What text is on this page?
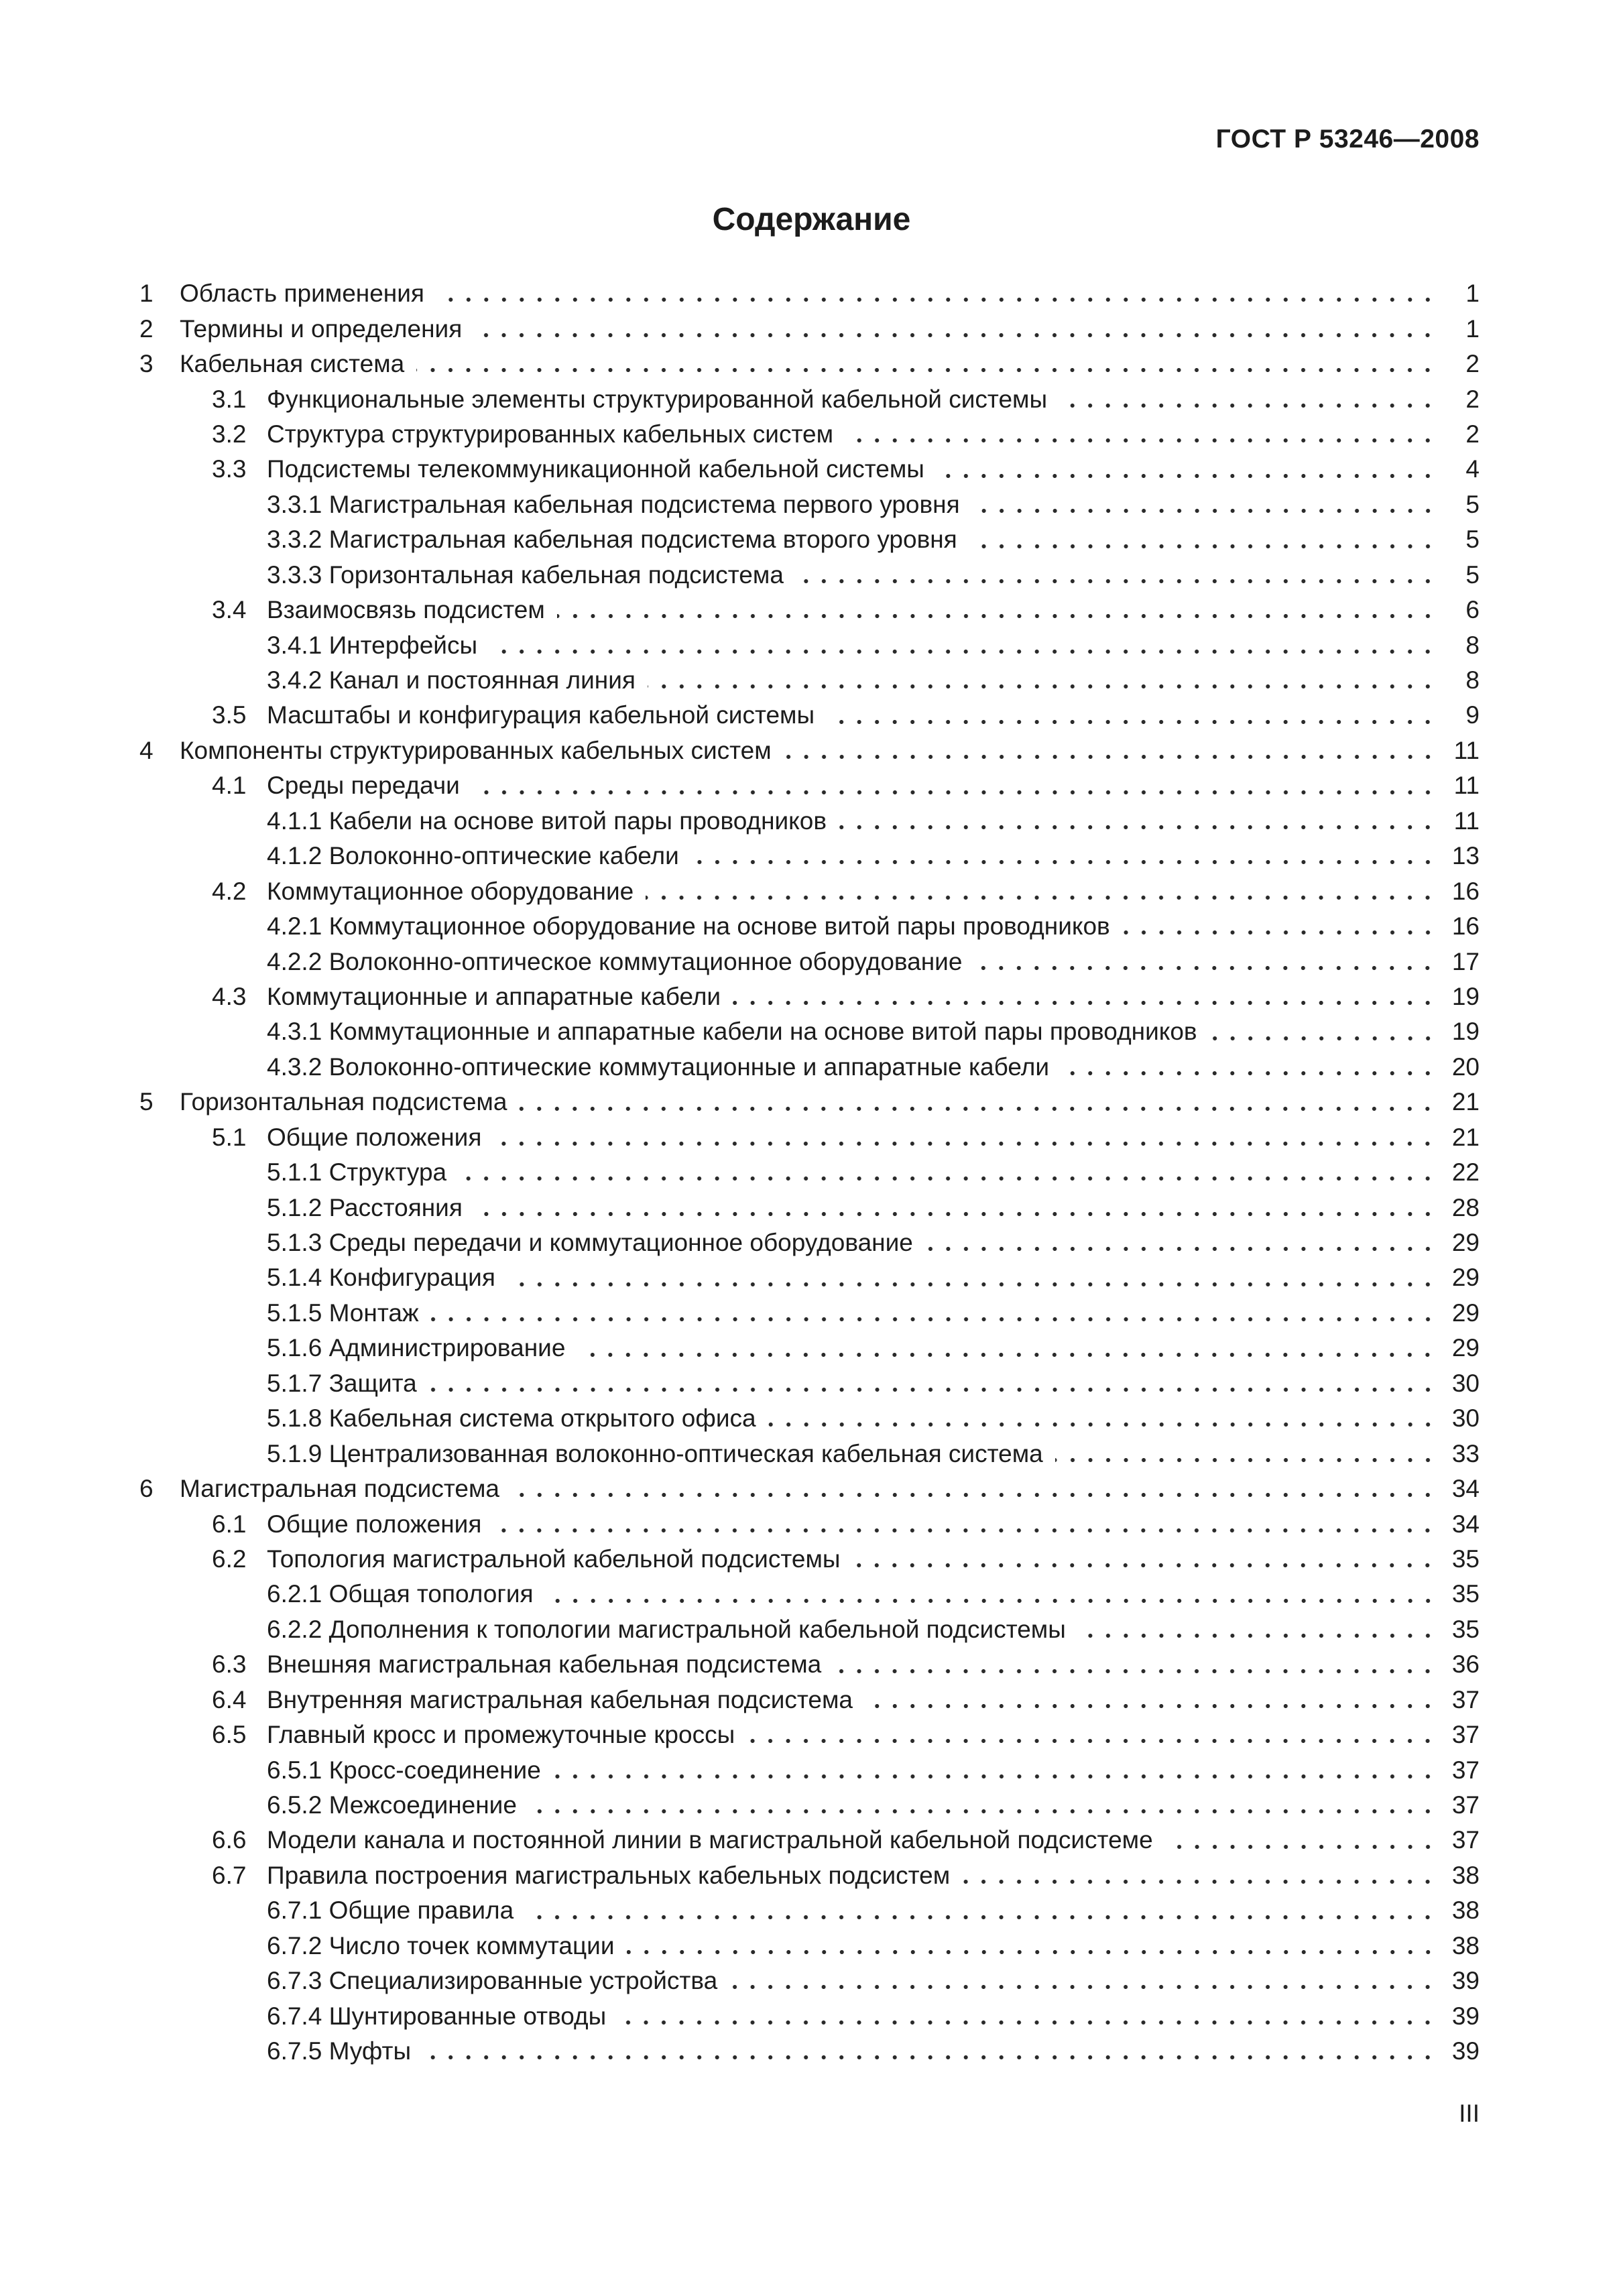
ГОСТ Р 53246—2008
Содержание
1	Область применения	1
2	Термины и определения	1
3	Кабельная система	2
3.1 Функциональные элементы структурированной кабельной системы	2
3.2 Структура структурированных кабельных систем	2
3.3 Подсистемы телекоммуникационной кабельной системы	4
3.3.1 Магистральная кабельная подсистема первого уровня	5
3.3.2 Магистральная кабельная подсистема второго уровня	5
3.3.3 Горизонтальная кабельная подсистема	5
3.4 Взаимосвязь подсистем	6
3.4.1 Интерфейсы	8
3.4.2 Канал и постоянная линия	8
3.5 Масштабы и конфигурация кабельной системы	9
4	Компоненты структурированных кабельных систем	11
4.1 Среды передачи	11
4.1.1 Кабели на основе витой пары проводников	11
4.1.2 Волоконно-оптические кабели	13
4.2 Коммутационное оборудование	16
4.2.1 Коммутационное оборудование на основе витой пары проводников	16
4.2.2 Волоконно-оптическое коммутационное оборудование	17
4.3 Коммутационные и аппаратные кабели	19
4.3.1 Коммутационные и аппаратные кабели на основе витой пары проводников	19
4.3.2 Волоконно-оптические коммутационные и аппаратные кабели	20
5	Горизонтальная подсистема	21
5.1 Общие положения	21
5.1.1 Структура	22
5.1.2 Расстояния	28
5.1.3 Среды передачи и коммутационное оборудование	29
5.1.4 Конфигурация	29
5.1.5 Монтаж	29
5.1.6 Администрирование	29
5.1.7 Защита	30
5.1.8 Кабельная система открытого офиса	30
5.1.9 Централизованная волоконно-оптическая кабельная система	33
6	Магистральная подсистема	34
6.1 Общие положения	34
6.2 Топология магистральной кабельной подсистемы	35
6.2.1 Общая топология	35
6.2.2 Дополнения к топологии магистральной кабельной подсистемы	35
6.3 Внешняя магистральная кабельная подсистема	36
6.4 Внутренняя магистральная кабельная подсистема	37
6.5 Главный кросс и промежуточные кроссы	37
6.5.1 Кросс-соединение	37
6.5.2 Межсоединение	37
6.6 Модели канала и постоянной линии в магистральной кабельной подсистеме	37
6.7 Правила построения магистральных кабельных подсистем	38
6.7.1 Общие правила	38
6.7.2 Число точек коммутации	38
6.7.3 Специализированные устройства	39
6.7.4 Шунтированные отводы	39
6.7.5 Муфты	39
III
